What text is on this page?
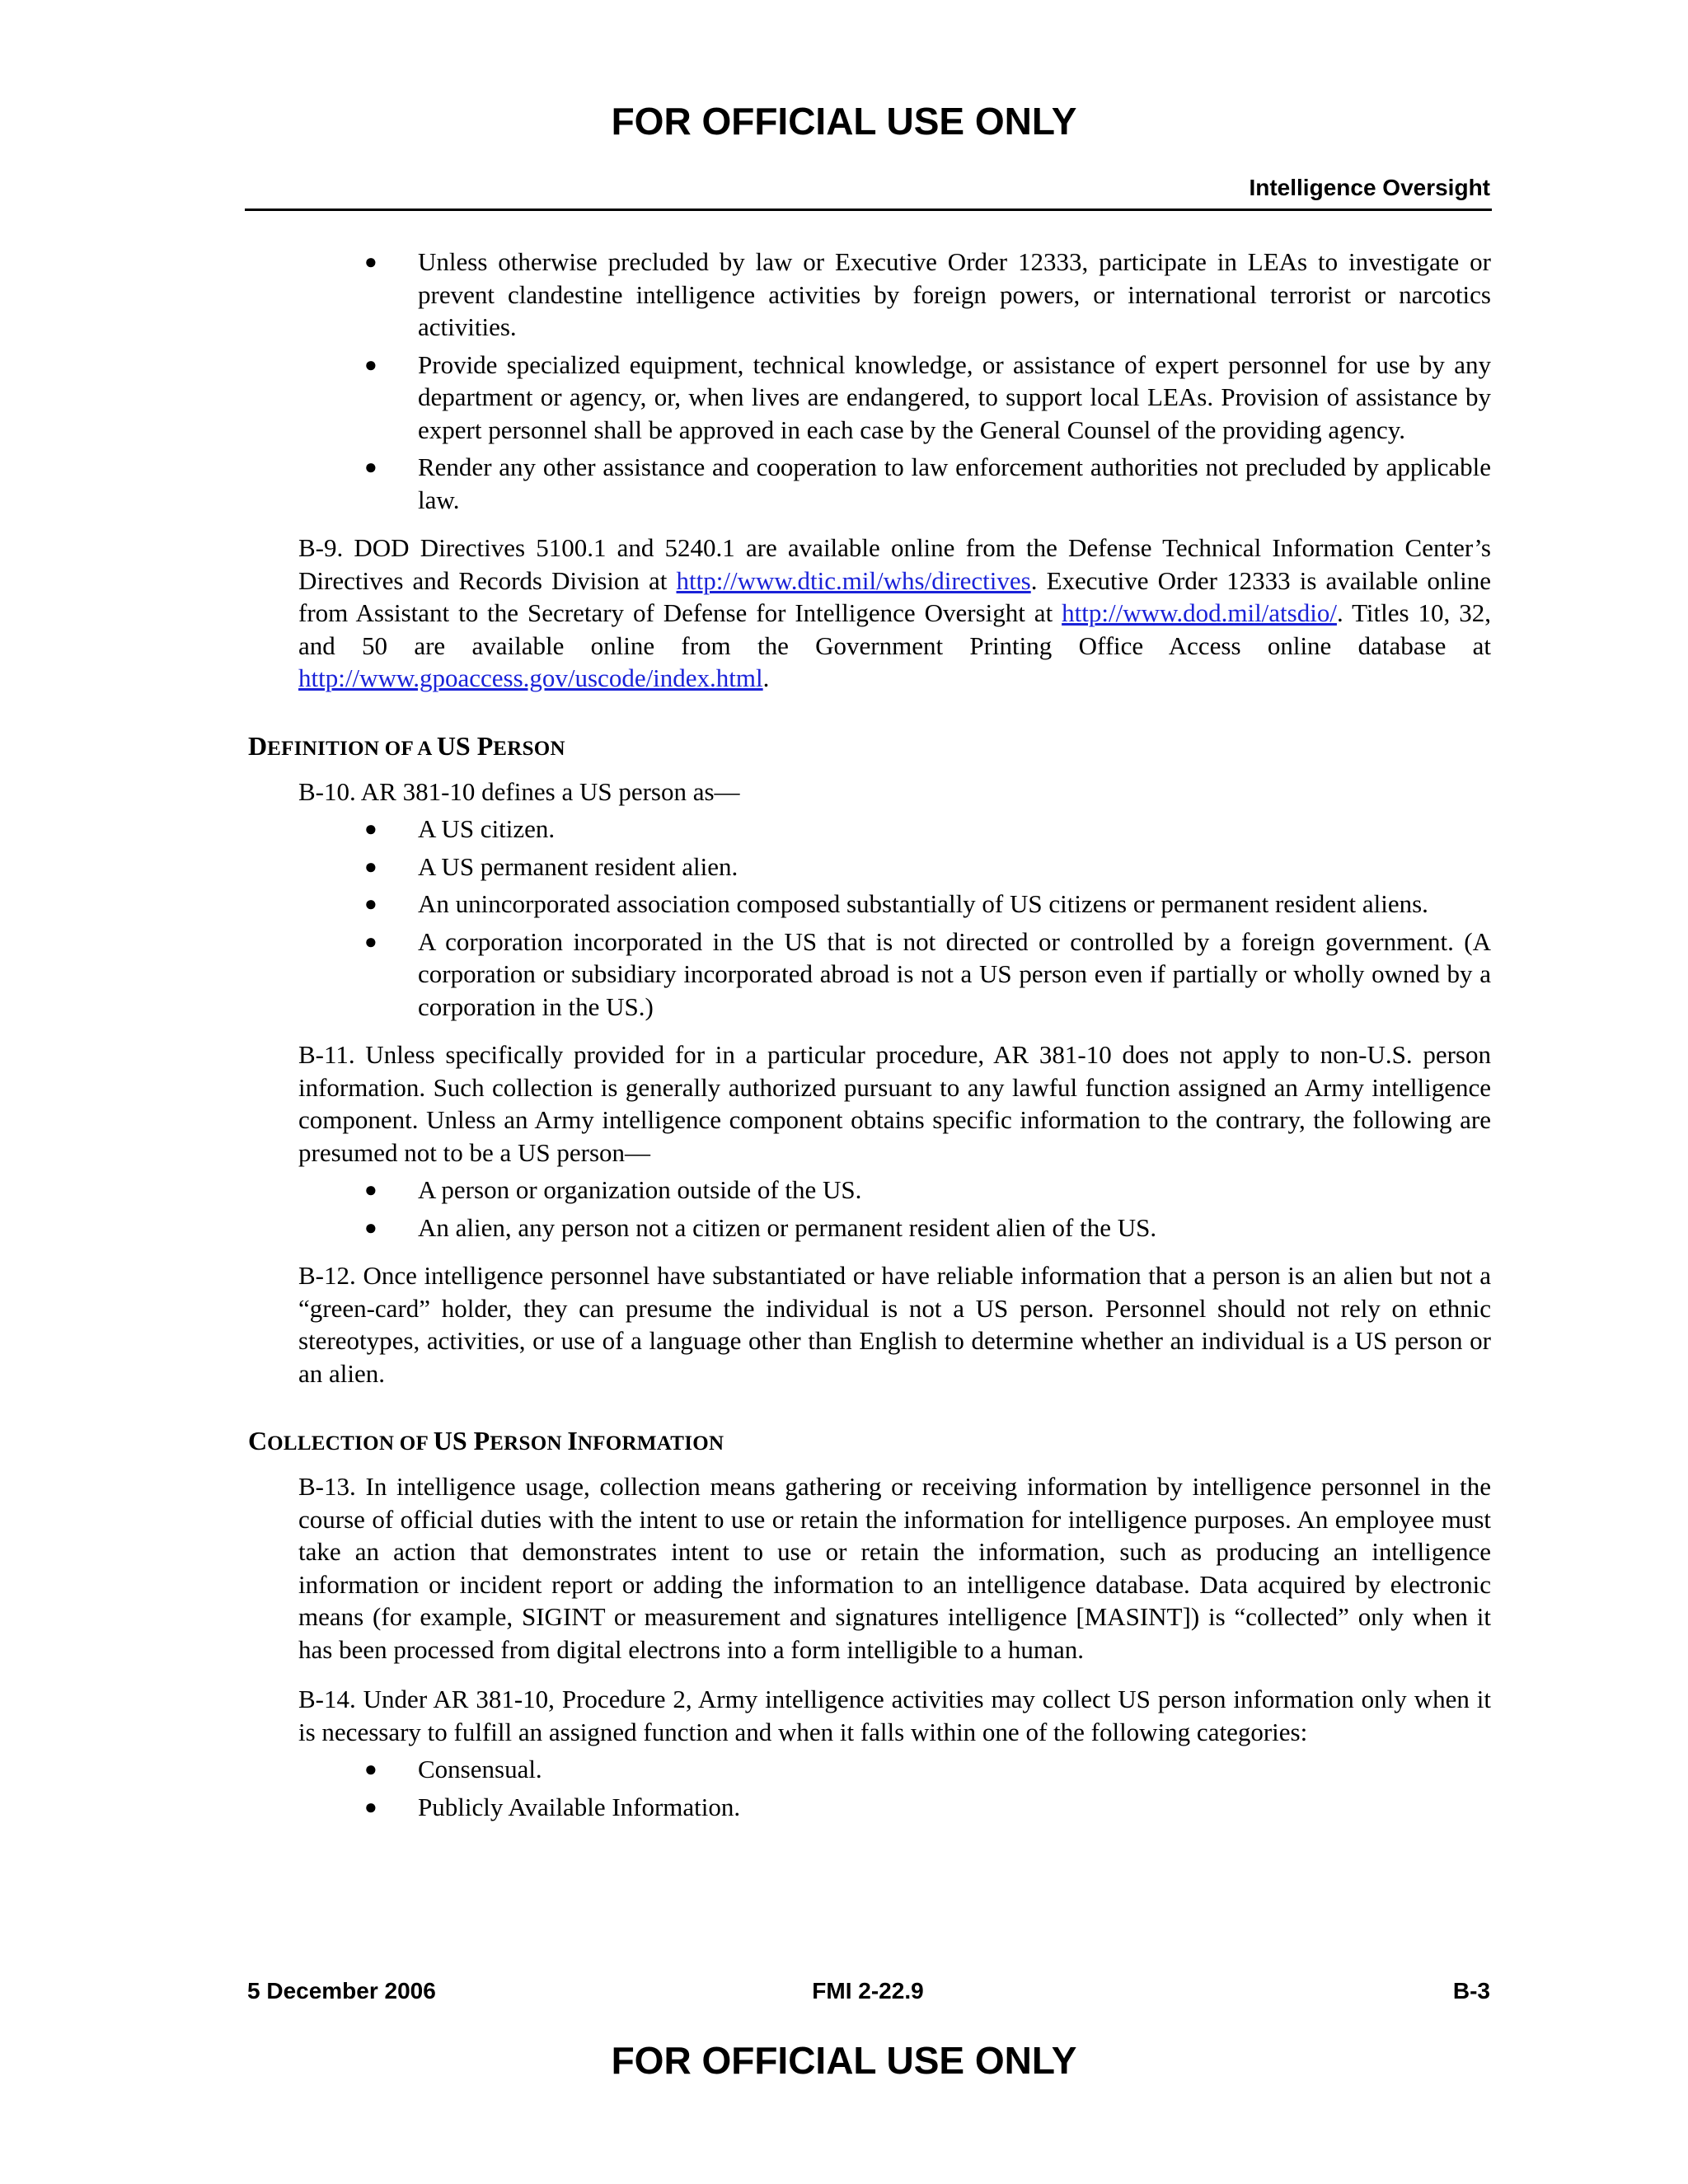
FOR OFFICIAL USE ONLY
Intelligence Oversight
● Unless otherwise precluded by law or Executive Order 12333, participate in LEAs to investigate or prevent clandestine intelligence activities by foreign powers, or international terrorist or narcotics activities.
● Provide specialized equipment, technical knowledge, or assistance of expert personnel for use by any department or agency, or, when lives are endangered, to support local LEAs. Provision of assistance by expert personnel shall be approved in each case by the General Counsel of the providing agency.
● Render any other assistance and cooperation to law enforcement authorities not precluded by applicable law.

B-9. DOD Directives 5100.1 and 5240.1 are available online from the Defense Technical Information Center’s Directives and Records Division at http://www.dtic.mil/whs/directives. Executive Order 12333 is available online from Assistant to the Secretary of Defense for Intelligence Oversight at http://www.dod.mil/atsdio/. Titles 10, 32, and 50 are available online from the Government Printing Office Access online database at http://www.gpoaccess.gov/uscode/index.html.

DEFINITION OF A US PERSON

B-10. AR 381-10 defines a US person as—

● A US citizen.
● A US permanent resident alien.
● An unincorporated association composed substantially of US citizens or permanent resident aliens.
● A corporation incorporated in the US that is not directed or controlled by a foreign government. (A corporation or subsidiary incorporated abroad is not a US person even if partially or wholly owned by a corporation in the US.)

B-11. Unless specifically provided for in a particular procedure, AR 381-10 does not apply to non-U.S. person information. Such collection is generally authorized pursuant to any lawful function assigned an Army intelligence component. Unless an Army intelligence component obtains specific information to the contrary, the following are presumed not to be a US person—

● A person or organization outside of the US.
● An alien, any person not a citizen or permanent resident alien of the US.

B-12. Once intelligence personnel have substantiated or have reliable information that a person is an alien but not a “green-card” holder, they can presume the individual is not a US person. Personnel should not rely on ethnic stereotypes, activities, or use of a language other than English to determine whether an individual is a US person or an alien.

COLLECTION OF US PERSON INFORMATION

B-13. In intelligence usage, collection means gathering or receiving information by intelligence personnel in the course of official duties with the intent to use or retain the information for intelligence purposes. An employee must take an action that demonstrates intent to use or retain the information, such as producing an intelligence information or incident report or adding the information to an intelligence database. Data acquired by electronic means (for example, SIGINT or measurement and signatures intelligence [MASINT]) is “collected” only when it has been processed from digital electrons into a form intelligible to a human.

B-14. Under AR 381-10, Procedure 2, Army intelligence activities may collect US person information only when it is necessary to fulfill an assigned function and when it falls within one of the following categories:

● Consensual.
● Publicly Available Information.
5 December 2006	FMI 2-22.9	B-3
FOR OFFICIAL USE ONLY
